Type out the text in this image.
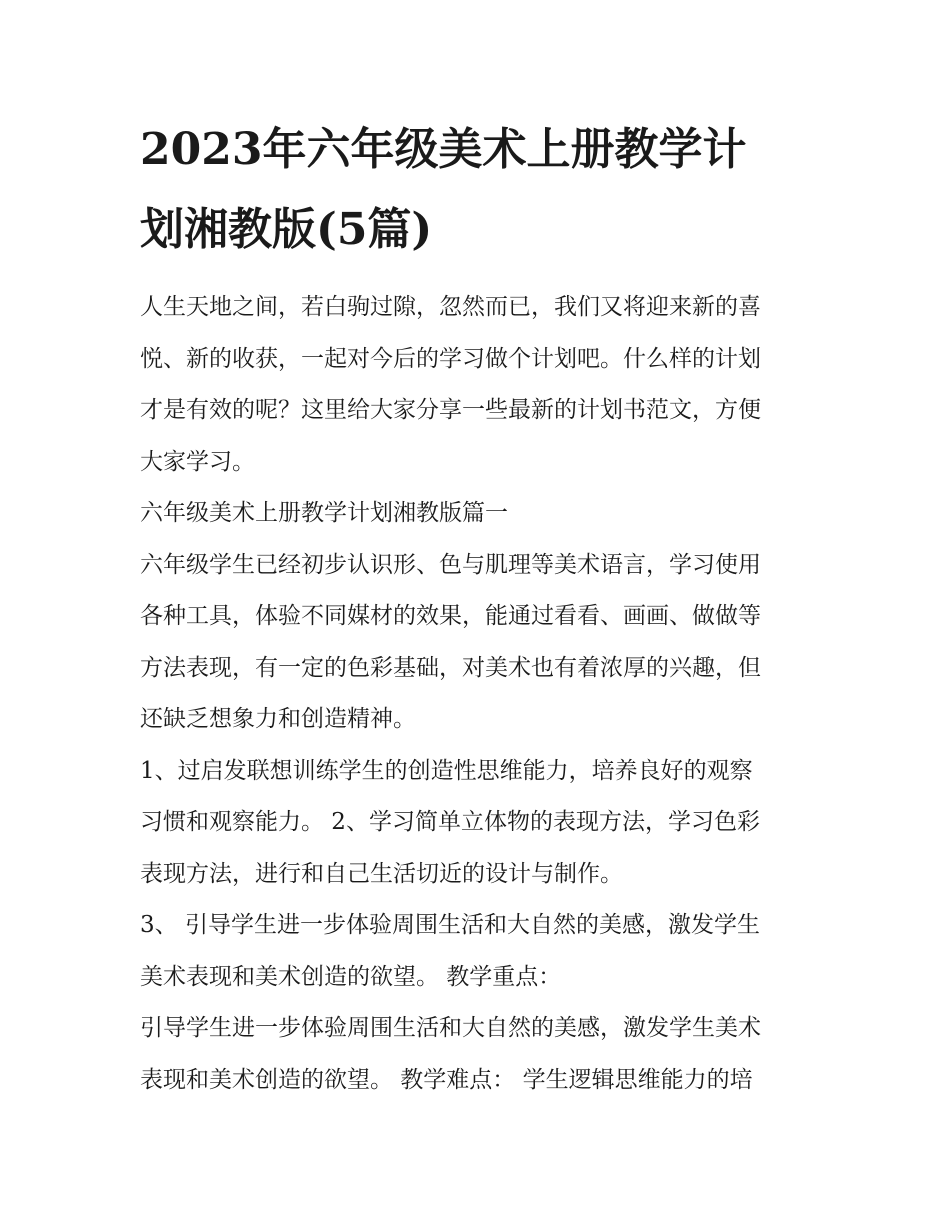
2023年六年级美术上册教学计
划湘教版(5篇)
人生天地之间，若白驹过隙，忽然而已，我们又将迎来新的喜
悦、新的收获，一起对今后的学习做个计划吧。什么样的计划
才是有效的呢？这里给大家分享一些最新的计划书范文，方便
大家学习。
六年级美术上册教学计划湘教版篇一
六年级学生已经初步认识形、色与肌理等美术语言，学习使用
各种工具，体验不同媒材的效果，能通过看看、画画、做做等
方法表现，有一定的色彩基础，对美术也有着浓厚的兴趣，但
还缺乏想象力和创造精神。
1、过启发联想训练学生的创造性思维能力，培养良好的观察
习惯和观察能力。 2、学习简单立体物的表现方法，学习色彩
表现方法，进行和自己生活切近的设计与制作。
3、 引导学生进一步体验周围生活和大自然的美感，激发学生
美术表现和美术创造的欲望。 教学重点：
引导学生进一步体验周围生活和大自然的美感，激发学生美术
表现和美术创造的欲望。 教学难点： 学生逻辑思维能力的培
